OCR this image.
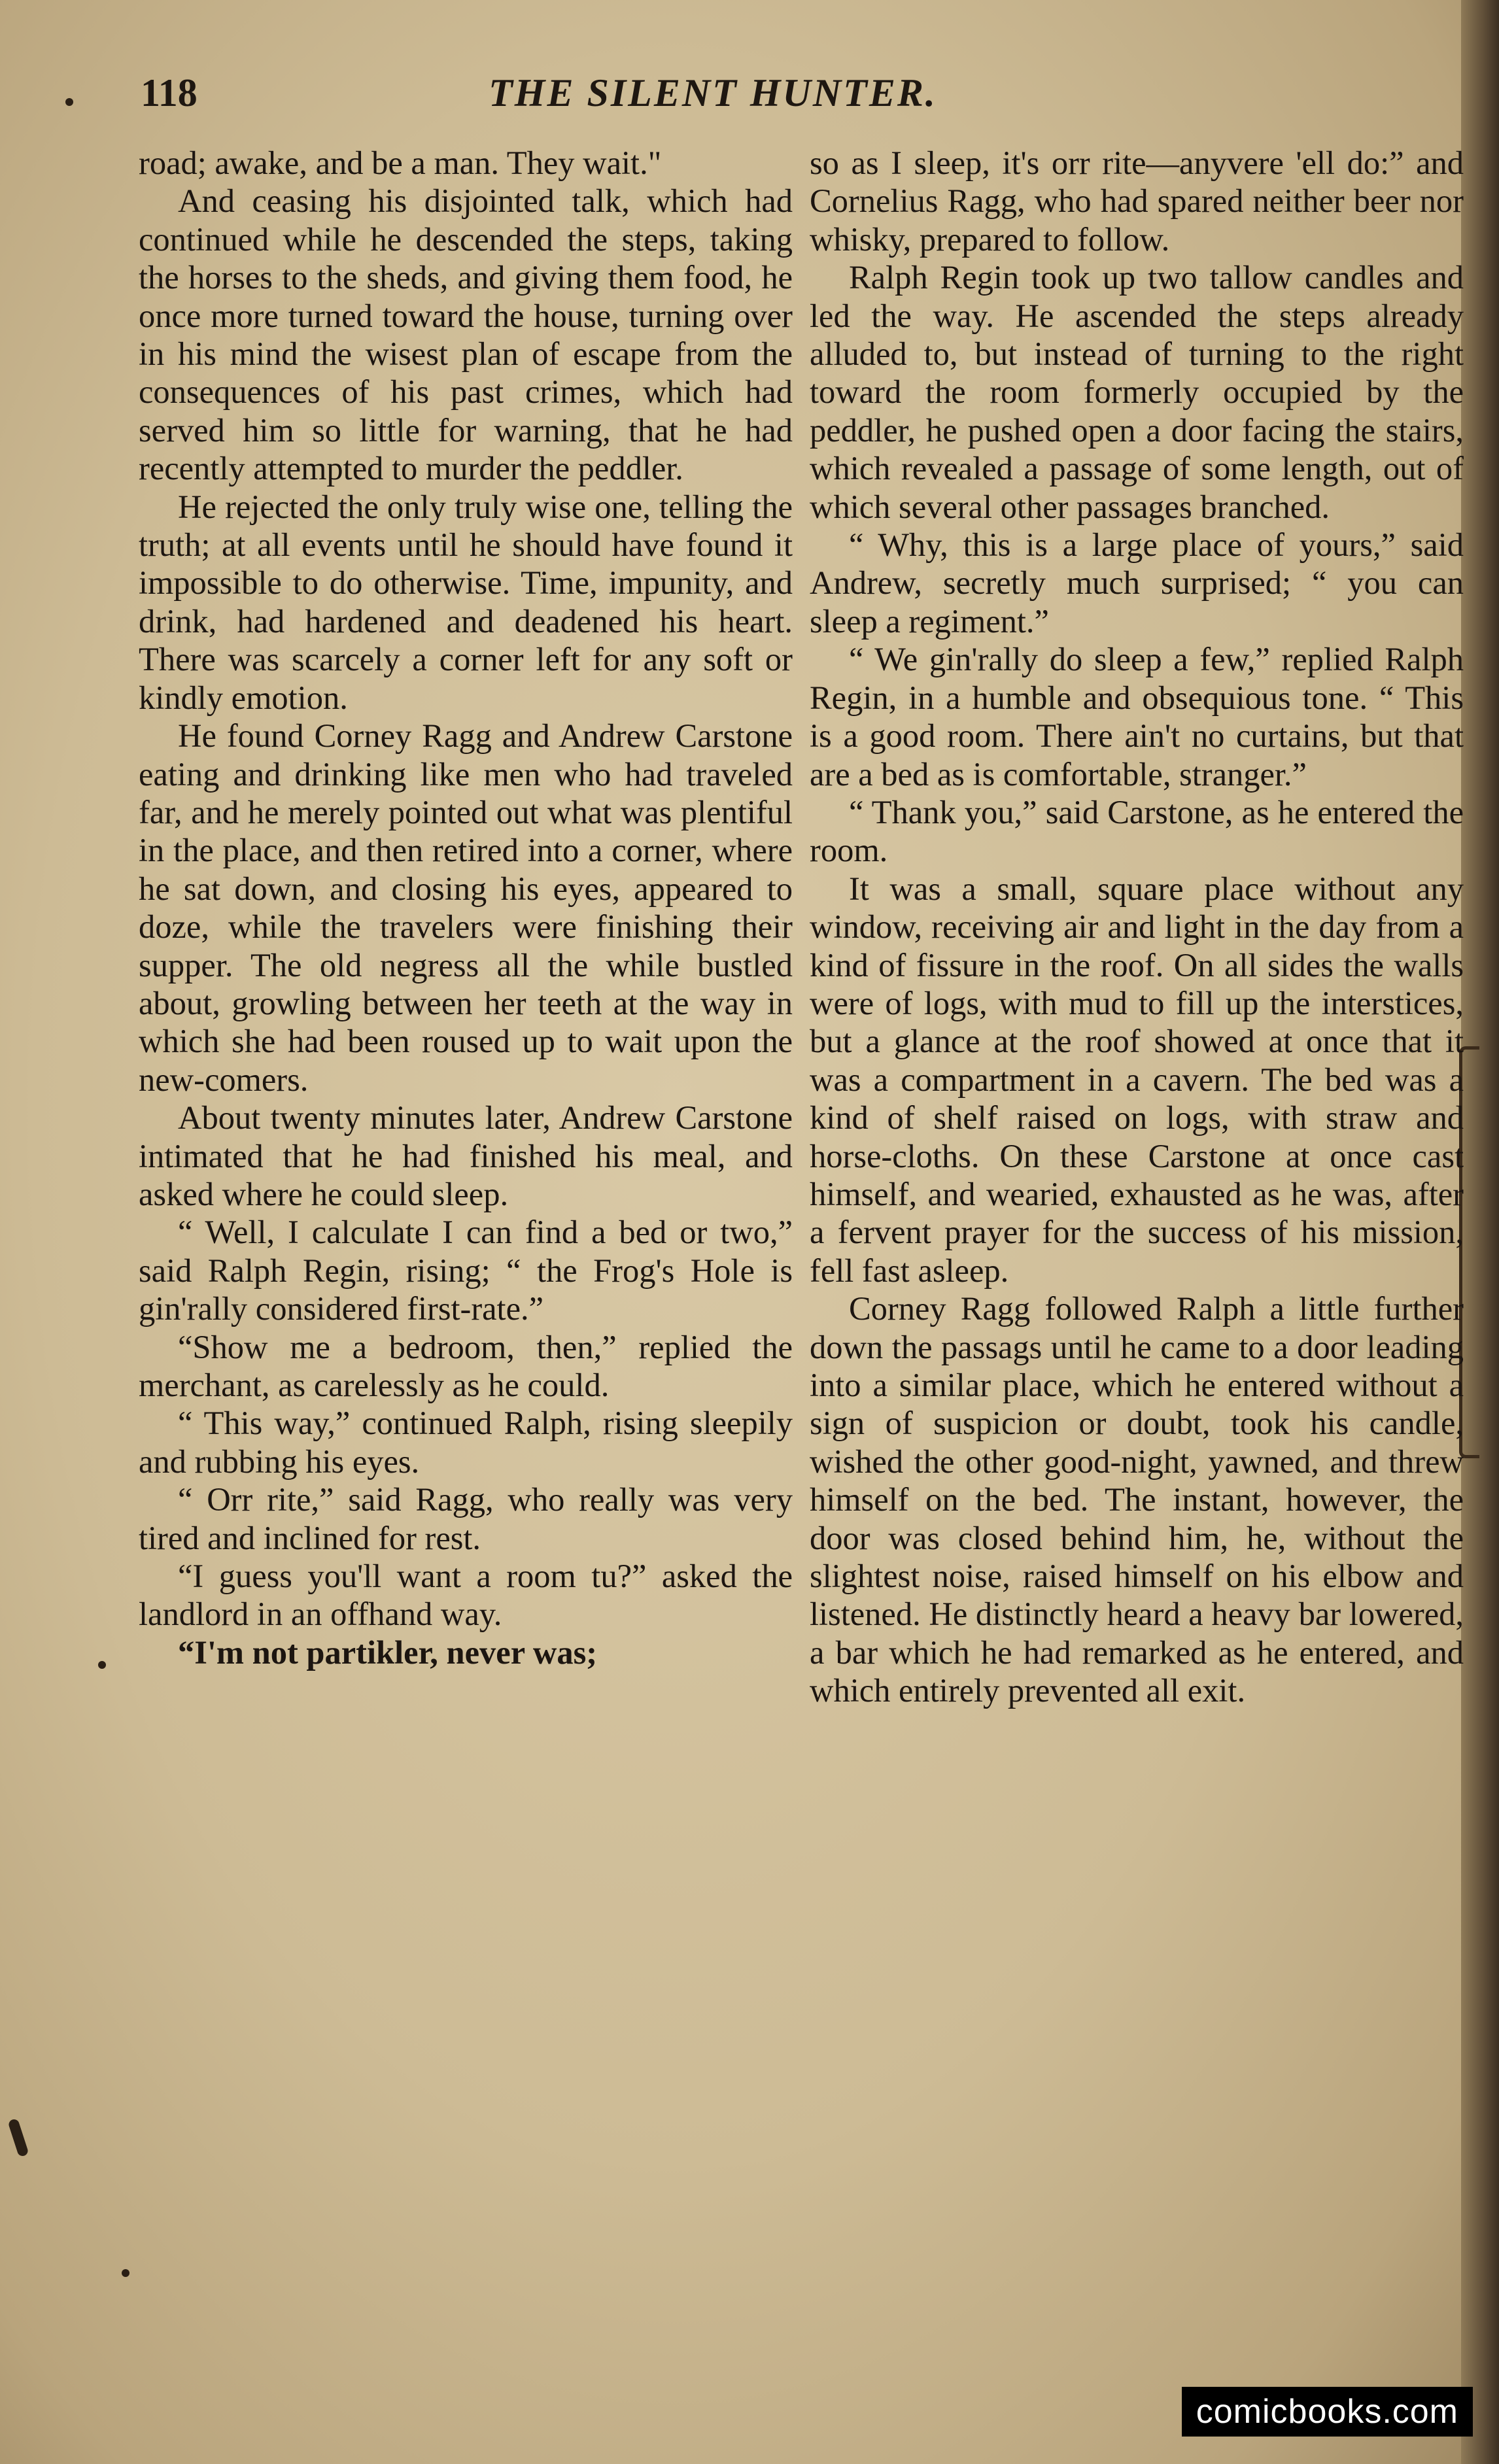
118	THE SILENT HUNTER.

road; awake, and be a man. They wait."

And ceasing his disjointed talk, which had continued while he descended the steps, taking the horses to the sheds, and giving them food, he once more turned toward the house, turning over in his mind the wisest plan of escape from the consequences of his past crimes, which had served him so little for warning, that he had recently attempted to murder the peddler.

He rejected the only truly wise one, telling the truth; at all events until he should have found it impossible to do otherwise. Time, impunity, and drink, had hardened and deadened his heart. There was scarcely a corner left for any soft or kindly emotion.

He found Corney Ragg and Andrew Carstone eating and drinking like men who had traveled far, and he merely pointed out what was plentiful in the place, and then retired into a corner, where he sat down, and closing his eyes, appeared to doze, while the travelers were finishing their supper. The old negress all the while bustled about, growling between her teeth at the way in which she had been roused up to wait upon the new-comers.

About twenty minutes later, Andrew Carstone intimated that he had finished his meal, and asked where he could sleep.

“ Well, I calculate I can find a bed or two,” said Ralph Regin, rising; “ the Frog's Hole is gin'rally considered first-rate.”

“Show me a bedroom, then,” replied the merchant, as carelessly as he could.

“ This way,” continued Ralph, rising sleepily and rubbing his eyes.

“ Orr rite,” said Ragg, who really was very tired and inclined for rest.

“I guess you'll want a room tu?” asked the landlord in an offhand way.

“I'm not partikler, never was;

so as I sleep, it's orr rite—anyvere 'ell do:” and Cornelius Ragg, who had spared neither beer nor whisky, prepared to follow.

Ralph Regin took up two tallow candles and led the way. He ascended the steps already alluded to, but instead of turning to the right toward the room formerly occupied by the peddler, he pushed open a door facing the stairs, which revealed a passage of some length, out of which several other passages branched.

“ Why, this is a large place of yours,” said Andrew, secretly much surprised; “ you can sleep a regiment.”

“ We gin'rally do sleep a few,” replied Ralph Regin, in a humble and obsequious tone. “ This is a good room. There ain't no curtains, but that are a bed as is comfortable, stranger.”

“ Thank you,” said Carstone, as he entered the room.

It was a small, square place without any window, receiving air and light in the day from a kind of fissure in the roof. On all sides the walls were of logs, with mud to fill up the interstices, but a glance at the roof showed at once that it was a compartment in a cavern. The bed was a kind of shelf raised on logs, with straw and horse-cloths. On these Carstone at once cast himself, and wearied, exhausted as he was, after a fervent prayer for the success of his mission, fell fast asleep.

Corney Ragg followed Ralph a little further down the passags until he came to a door leading into a similar place, which he entered without a sign of suspicion or doubt, took his candle, wished the other good-night, yawned, and threw himself on the bed. The instant, however, the door was closed behind him, he, without the slightest noise, raised himself on his elbow and listened. He distinctly heard a heavy bar lowered, a bar which he had remarked as he entered, and which entirely prevented all exit.

comicbooks.com
